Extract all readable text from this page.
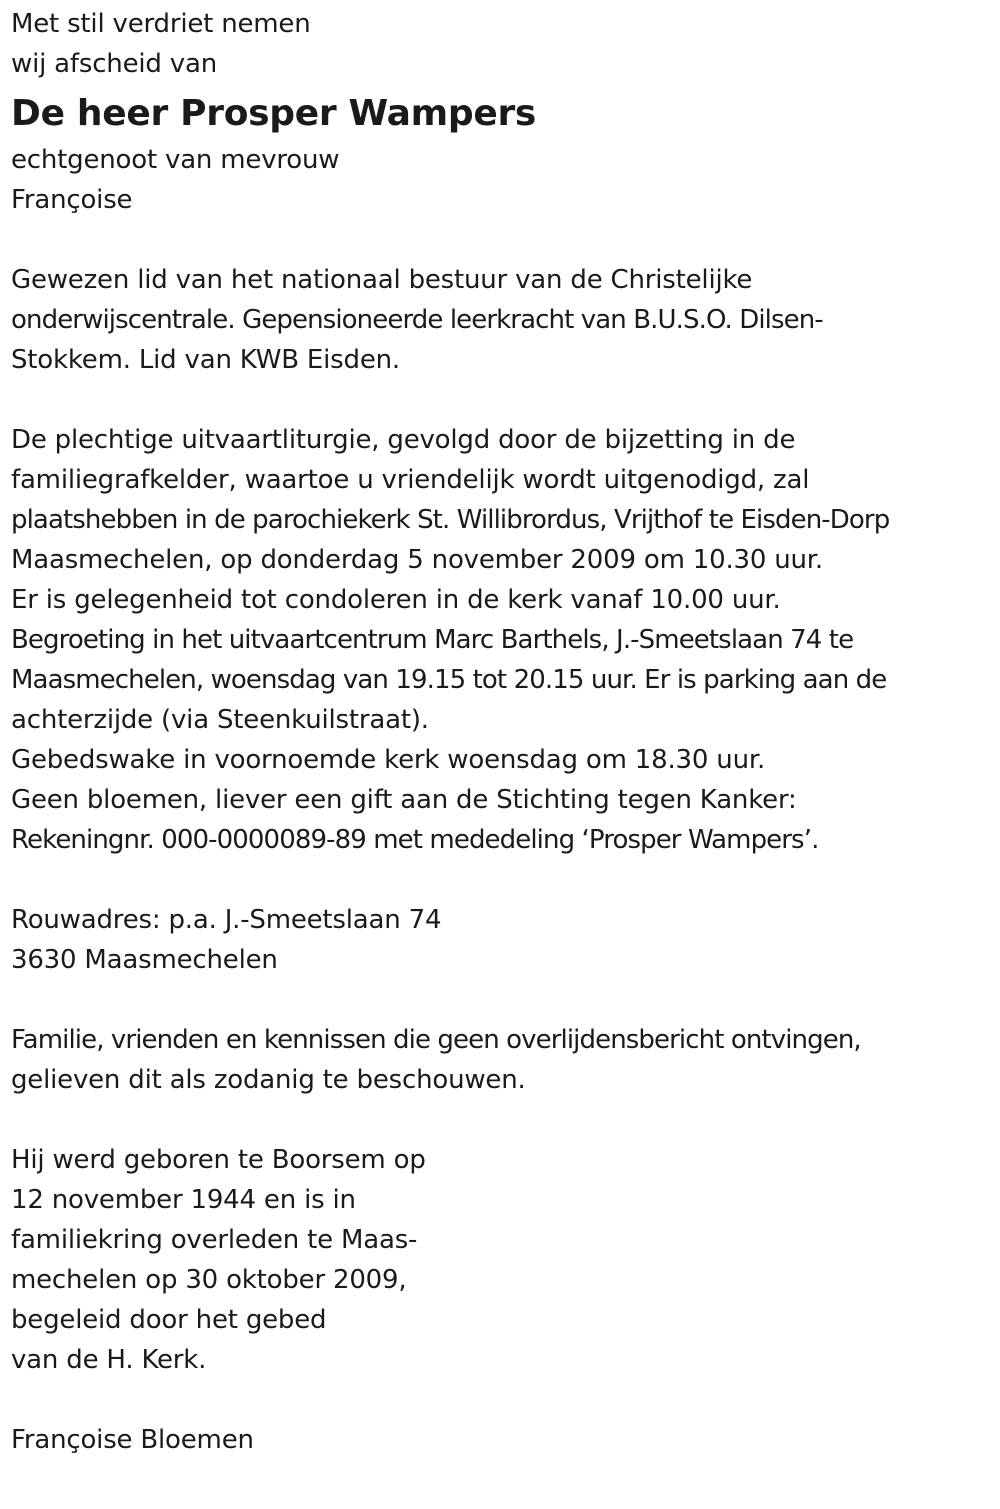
Met stil verdriet nemen
wij afscheid van
De heer Prosper Wampers
echtgenoot van mevrouw
Françoise
Gewezen lid van het nationaal bestuur van de Christelijke
onderwijscentrale. Gepensioneerde leerkracht van B.U.S.O. Dilsen-
Stokkem. Lid van KWB Eisden.
De plechtige uitvaartliturgie, gevolgd door de bijzetting in de
familiegrafkelder, waartoe u vriendelijk wordt uitgenodigd, zal
plaatshebben in de parochiekerk St. Willibrordus, Vrijthof te Eisden-Dorp
Maasmechelen, op donderdag 5 november 2009 om 10.30 uur.
Er is gelegenheid tot condoleren in de kerk vanaf 10.00 uur.
Begroeting in het uitvaartcentrum Marc Barthels, J.-Smeetslaan 74 te
Maasmechelen, woensdag van 19.15 tot 20.15 uur. Er is parking aan de
achterzijde (via Steenkuilstraat).
Gebedswake in voornoemde kerk woensdag om 18.30 uur.
Geen bloemen, liever een gift aan de Stichting tegen Kanker:
Rekeningnr. 000-0000089-89 met mededeling ‘Prosper Wampers’.
Rouwadres: p.a. J.-Smeetslaan 74
3630 Maasmechelen
Familie, vrienden en kennissen die geen overlijdensbericht ontvingen,
gelieven dit als zodanig te beschouwen.
Hij werd geboren te Boorsem op
12 november 1944 en is in
familiekring overleden te Maas-
mechelen op 30 oktober 2009,
begeleid door het gebed
van de H. Kerk.
Françoise Bloemen
